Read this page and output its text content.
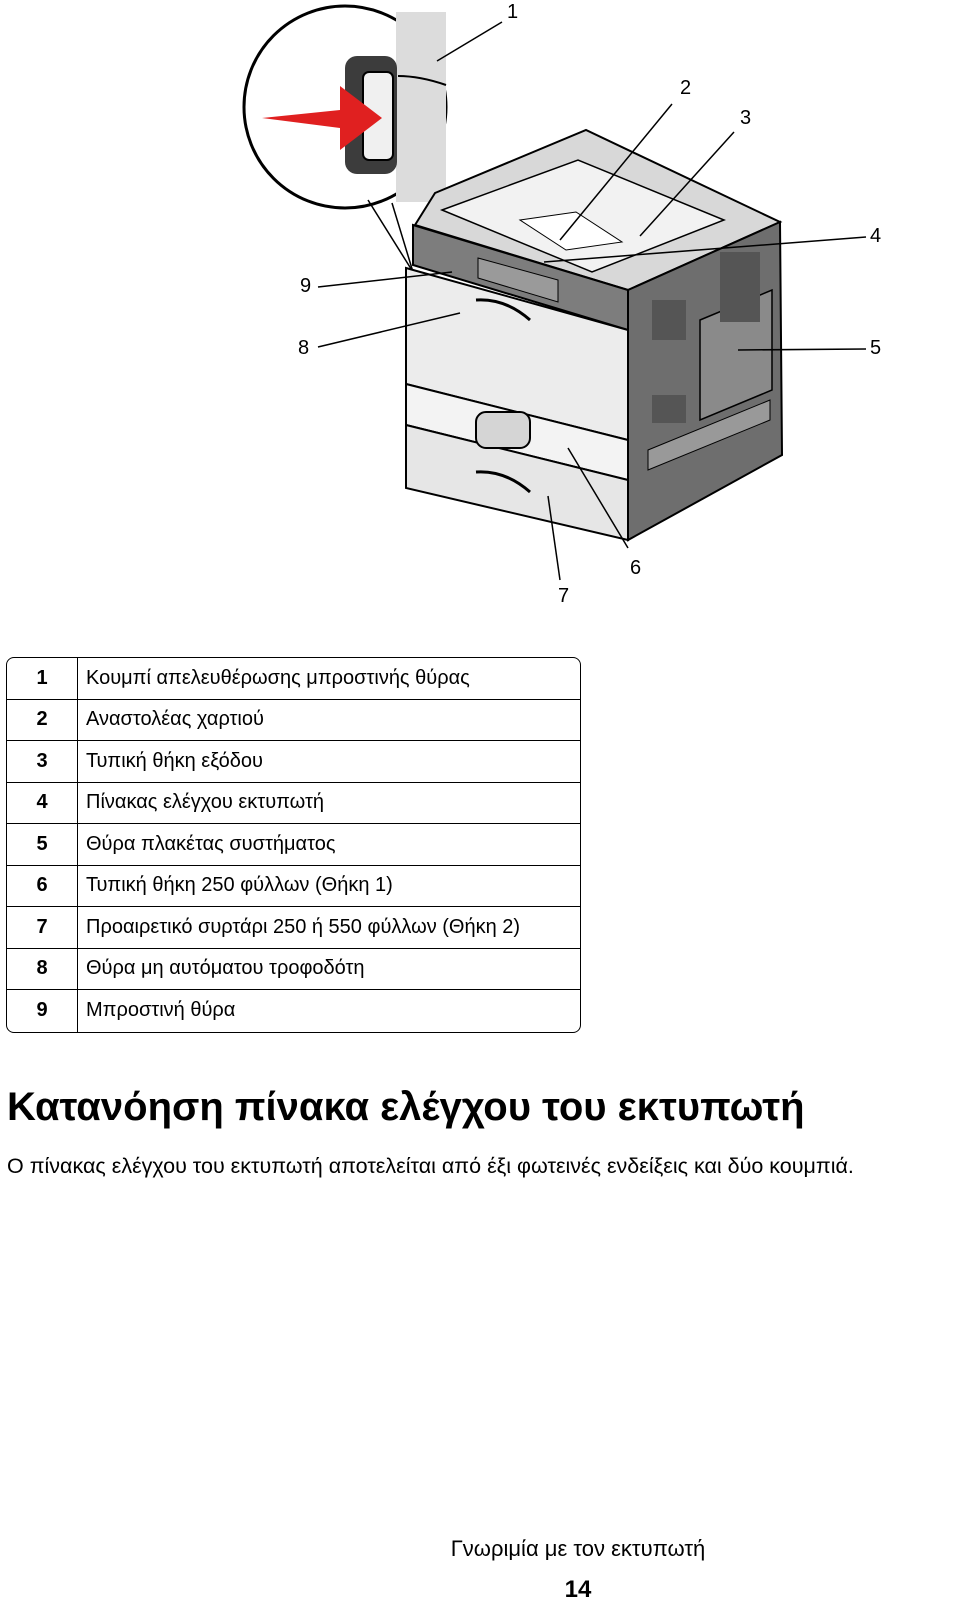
1
2
3
4
5
6
7
8
9
1	Κουμπί απελευθέρωσης μπροστινής θύρας
2	Αναστολέας χαρτιού
3	Τυπική θήκη εξόδου
4	Πίνακας ελέγχου εκτυπωτή
5	Θύρα πλακέτας συστήματος
6	Τυπική θήκη 250 φύλλων (Θήκη 1)
7	Προαιρετικό συρτάρι 250 ή 550 φύλλων (Θήκη 2)
8	Θύρα μη αυτόματου τροφοδότη
9	Μπροστινή θύρα
Κατανόηση πίνακα ελέγχου του εκτυπωτή

Ο πίνακας ελέγχου του εκτυπωτή αποτελείται από έξι φωτεινές ενδείξεις και δύο κουμπιά.

Γνωριμία με τον εκτυπωτή
14
